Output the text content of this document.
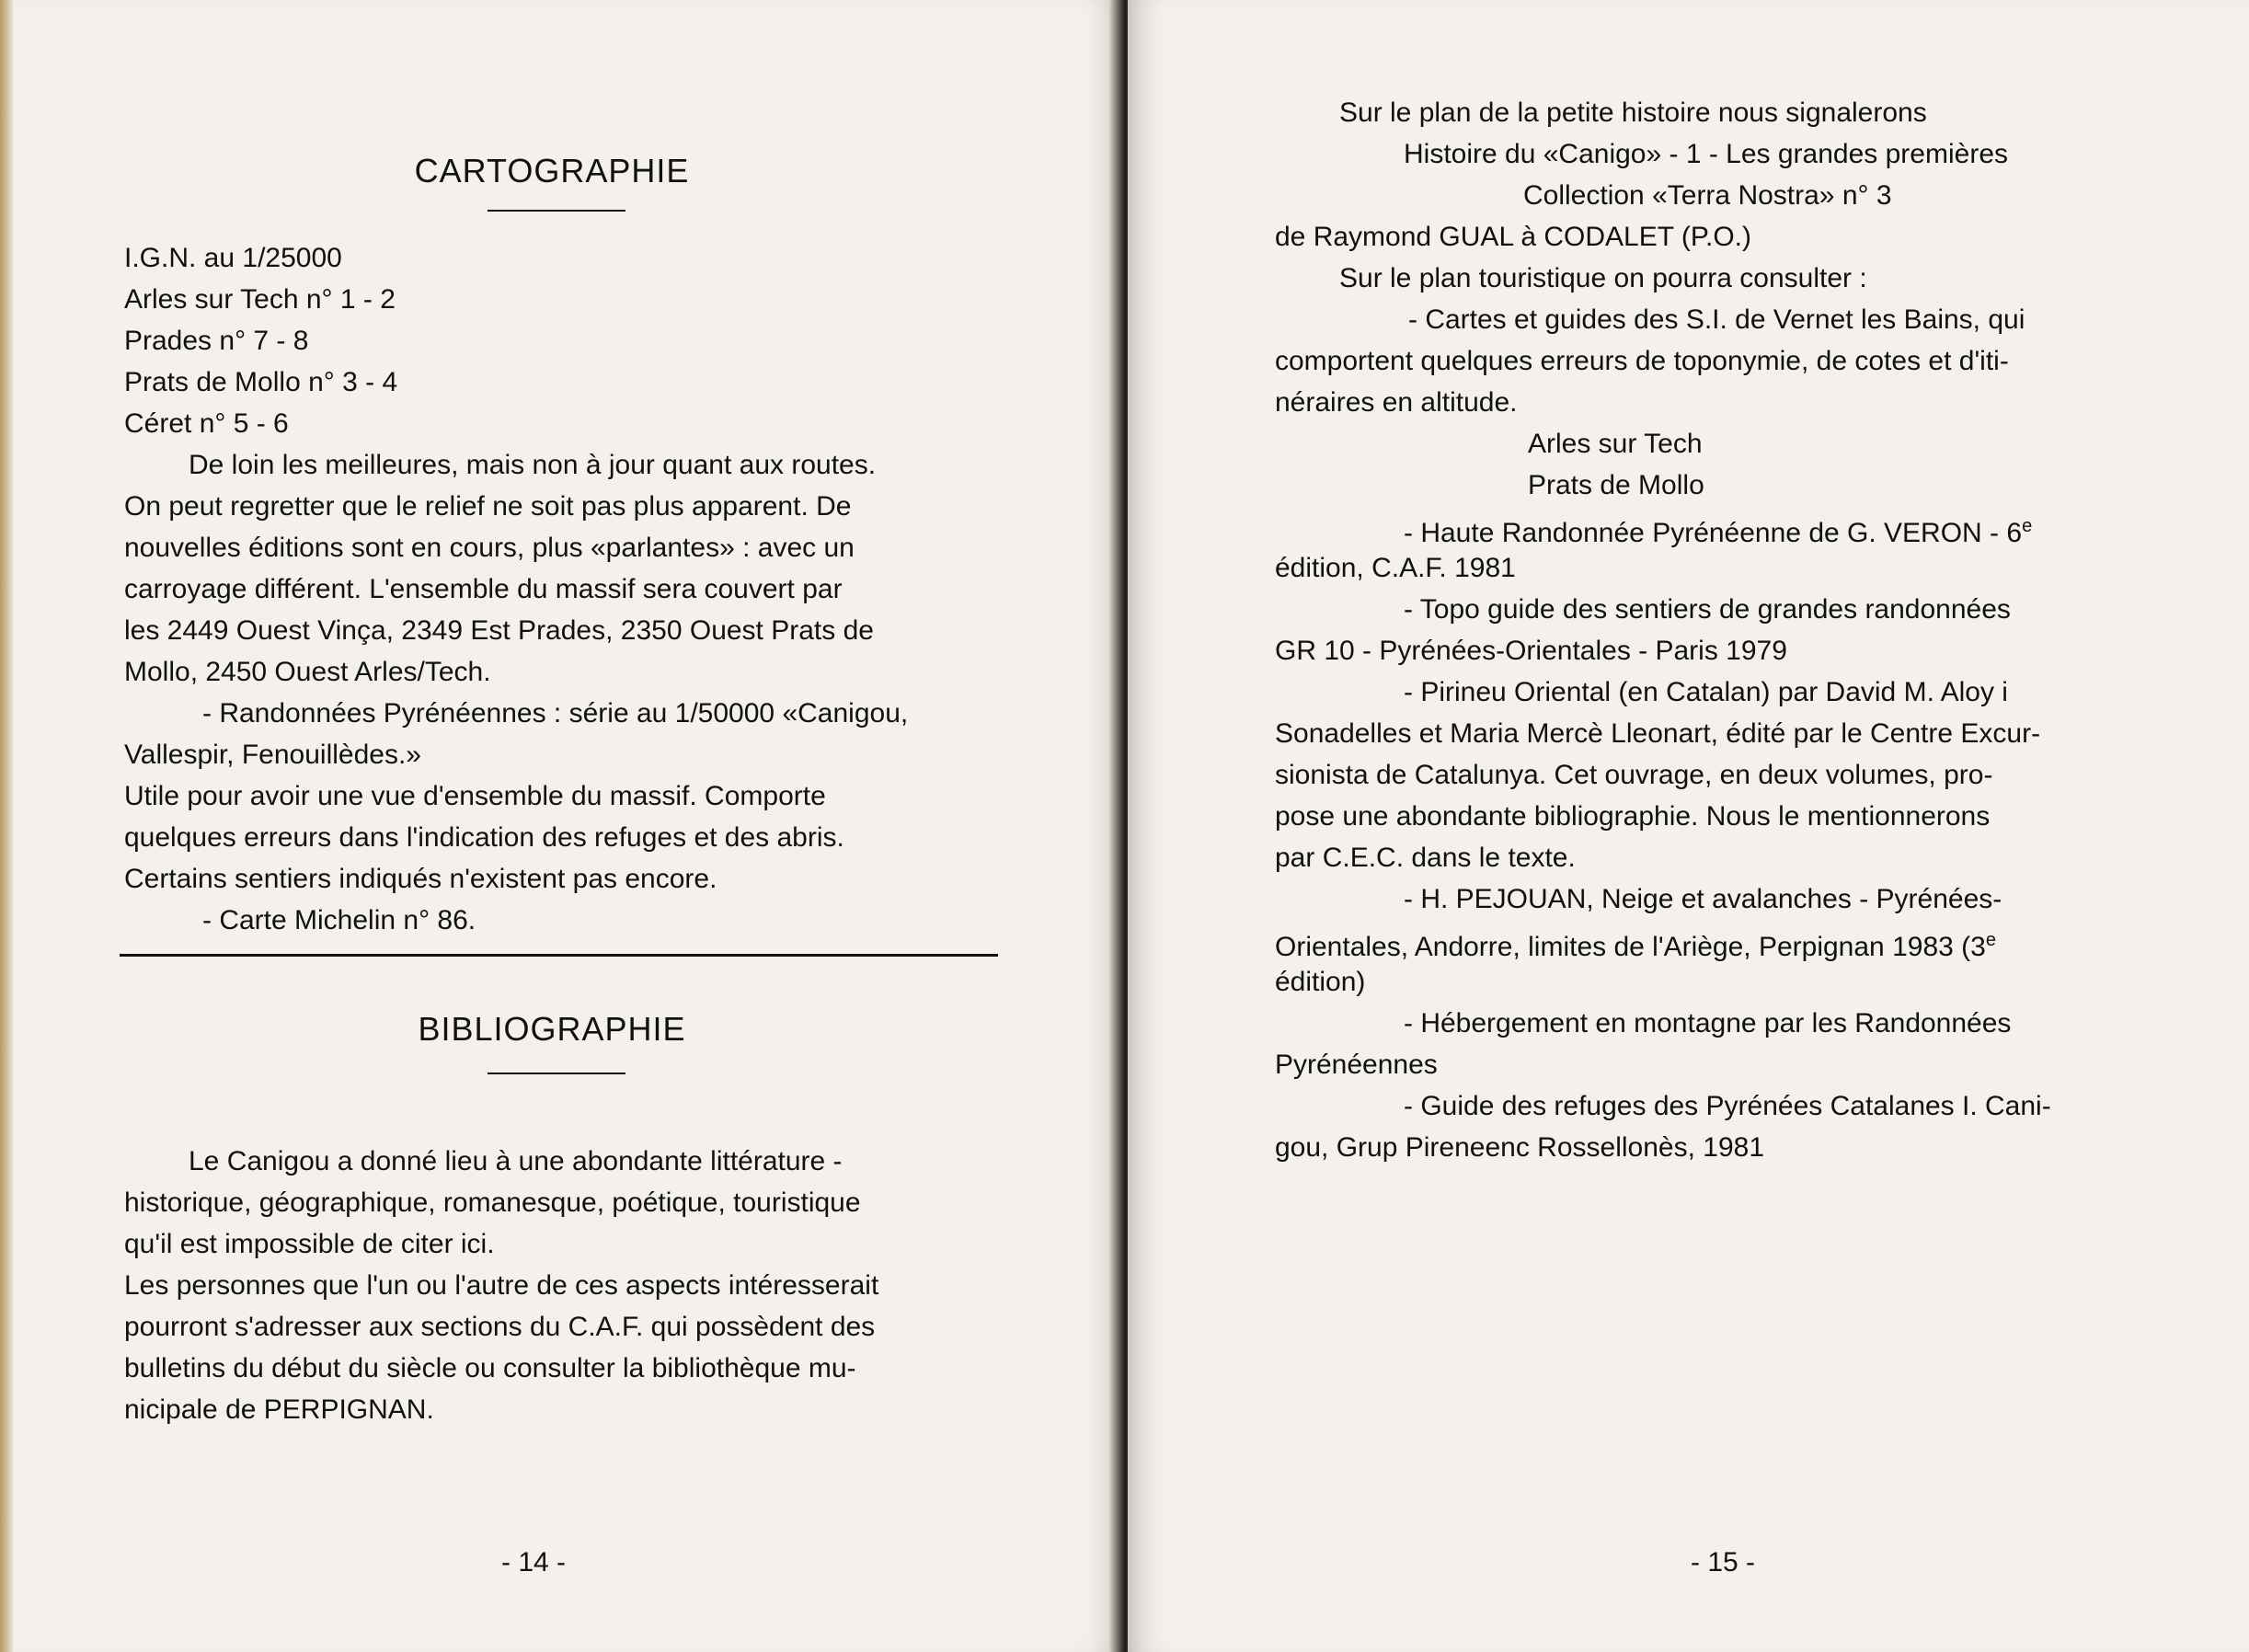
CARTOGRAPHIE
I.G.N. au 1/25000
Arles sur Tech n° 1 - 2
Prades n° 7 - 8
Prats de Mollo n° 3 - 4
Céret n° 5 - 6
De loin les meilleures, mais non à jour quant aux routes.
On peut regretter que le relief ne soit pas plus apparent. De
nouvelles éditions sont en cours, plus «parlantes» : avec un
carroyage différent. L'ensemble du massif sera couvert par
les 2449 Ouest Vinça, 2349 Est Prades, 2350 Ouest Prats de
Mollo, 2450 Ouest Arles/Tech.
- Randonnées Pyrénéennes : série au 1/50000 «Canigou,
Vallespir, Fenouillèdes.»
Utile pour avoir une vue d'ensemble du massif. Comporte
quelques erreurs dans l'indication des refuges et des abris.
Certains sentiers indiqués n'existent pas encore.
- Carte Michelin n° 86.
BIBLIOGRAPHIE
Le Canigou a donné lieu à une abondante littérature -
historique, géographique, romanesque, poétique, touristique
qu'il est impossible de citer ici.
Les personnes que l'un ou l'autre de ces aspects intéresserait
pourront s'adresser aux sections du C.A.F. qui possèdent des
bulletins du début du siècle ou consulter la bibliothèque mu-
nicipale de PERPIGNAN.
- 14 -
Sur le plan de la petite histoire nous signalerons
Histoire du «Canigo» - 1 - Les grandes premières
Collection «Terra Nostra» n° 3
de Raymond GUAL à CODALET (P.O.)
Sur le plan touristique on pourra consulter :
- Cartes et guides des S.I. de Vernet les Bains, qui
comportent quelques erreurs de toponymie, de cotes et d'iti-
néraires en altitude.
Arles sur Tech
Prats de Mollo
- Haute Randonnée Pyrénéenne de G. VERON - 6e
édition, C.A.F. 1981
- Topo guide des sentiers de grandes randonnées
GR 10 - Pyrénées-Orientales - Paris 1979
- Pirineu Oriental (en Catalan) par David M. Aloy i
Sonadelles et Maria Mercè Lleonart, édité par le Centre Excur-
sionista de Catalunya. Cet ouvrage, en deux volumes, pro-
pose une abondante bibliographie. Nous le mentionnerons
par C.E.C. dans le texte.
- H. PEJOUAN, Neige et avalanches - Pyrénées-
Orientales, Andorre, limites de l'Ariège, Perpignan 1983 (3e
édition)
- Hébergement en montagne par les Randonnées
Pyrénéennes
- Guide des refuges des Pyrénées Catalanes I. Cani-
gou, Grup Pireneenc Rossellonès, 1981
- 15 -
